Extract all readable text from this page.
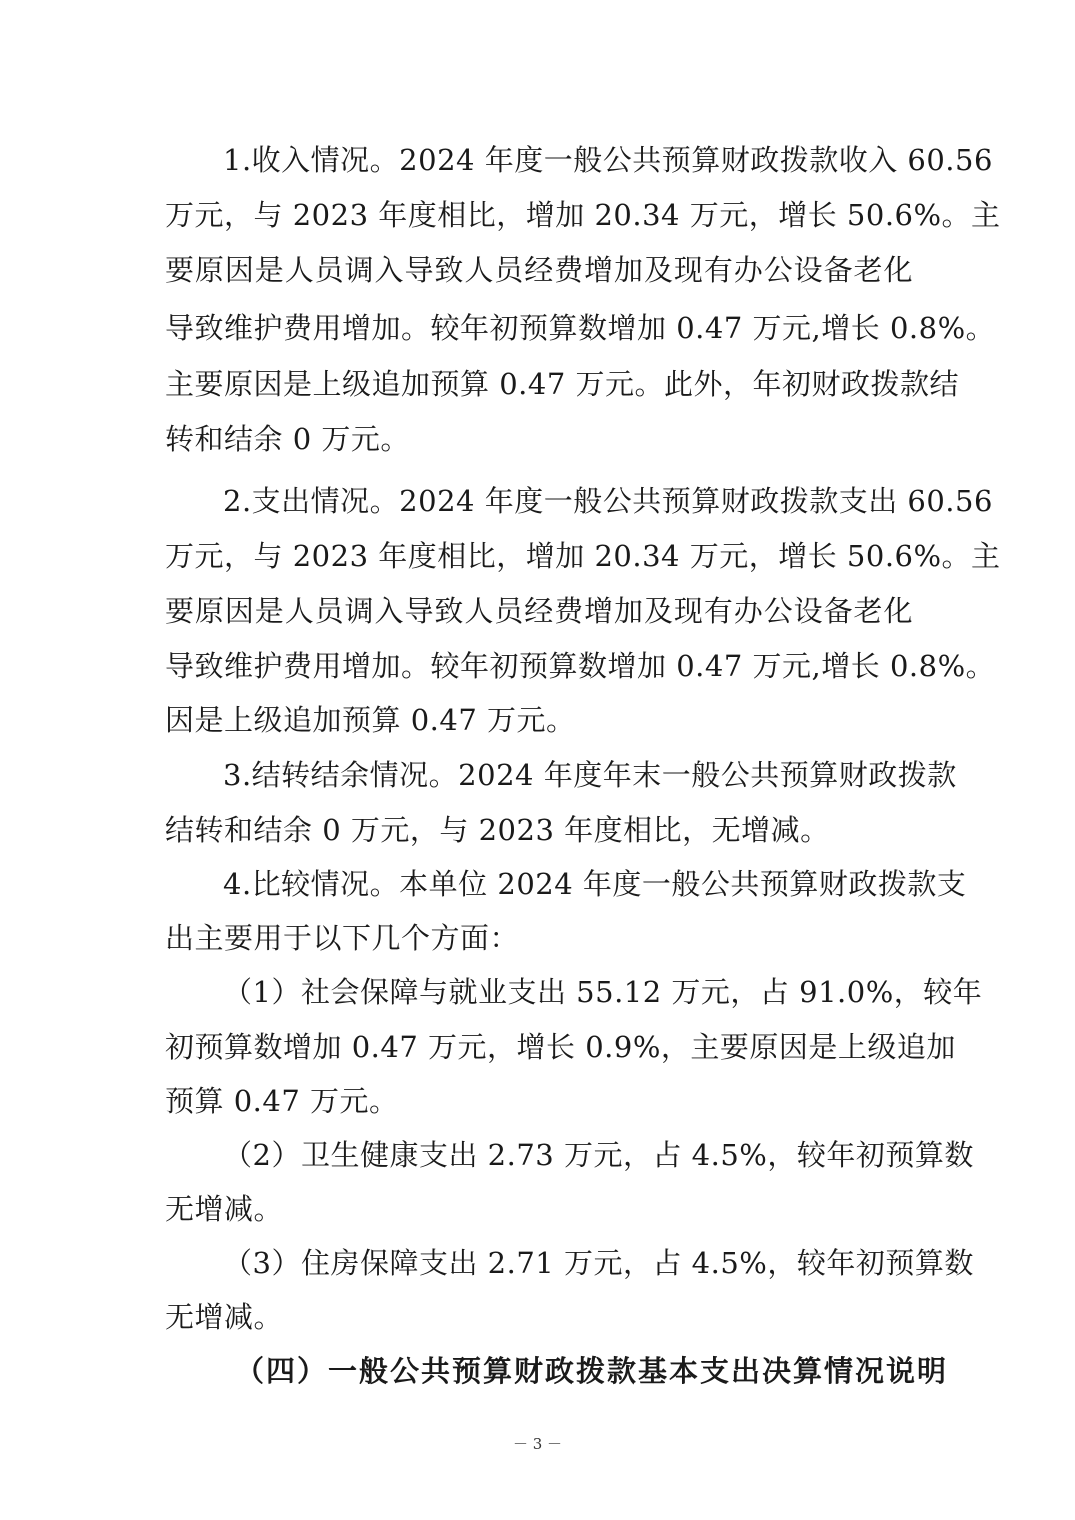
1.收入情况。2024 年度一般公共预算财政拨款收入 60.56
万元，与 2023 年度相比，增加 20.34 万元，增长 50.6%。主
要原因是人员调入导致人员经费增加及现有办公设备老化
导致维护费用增加。较年初预算数增加 0.47 万元,增长 0.8%。
主要原因是上级追加预算 0.47 万元。此外，年初财政拨款结
转和结余 0 万元。
2.支出情况。2024 年度一般公共预算财政拨款支出 60.56
万元，与 2023 年度相比，增加 20.34 万元，增长 50.6%。主
要原因是人员调入导致人员经费增加及现有办公设备老化
导致维护费用增加。较年初预算数增加 0.47 万元,增长 0.8%。
因是上级追加预算 0.47 万元。
3.结转结余情况。2024 年度年末一般公共预算财政拨款
结转和结余 0 万元，与 2023 年度相比，无增减。
4.比较情况。本单位 2024 年度一般公共预算财政拨款支
出主要用于以下几个方面：
（1）社会保障与就业支出 55.12 万元，占 91.0%，较年
初预算数增加 0.47 万元，增长 0.9%，主要原因是上级追加
预算 0.47 万元。
（2）卫生健康支出 2.73 万元，占 4.5%，较年初预算数
无增减。
（3）住房保障支出 2.71 万元，占 4.5%，较年初预算数
无增减。
（四）一般公共预算财政拨款基本支出决算情况说明
－ 3 －
